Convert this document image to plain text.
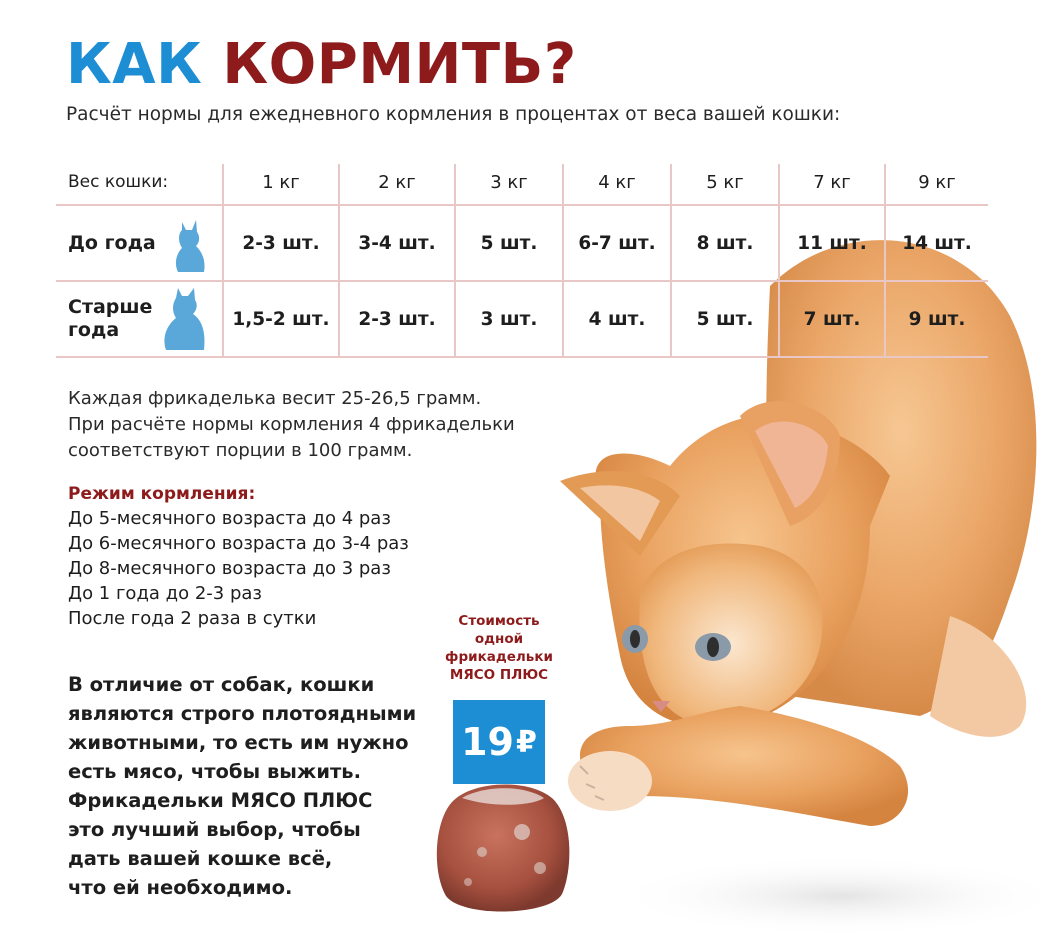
КАК КОРМИТЬ?
Расчёт нормы для ежедневного кормления в процентах от веса вашей кошки:
Вес кошки:	1 кг	2 кг	3 кг	4 кг	5 кг	7 кг	9 кг
До года	2-3 шт.	3-4 шт.	5 шт.	6-7 шт.	8 шт.	11 шт.	14 шт.
Старше
года	1,5-2 шт.	2-3 шт.	3 шт.	4 шт.	5 шт.	7 шт.	9 шт.
Каждая фрикаделька весит 25-26,5 грамм.
При расчёте нормы кормления 4 фрикадельки
соответствуют порции в 100 грамм.
Режим кормления:
До 5-месячного возраста до 4 раз
До 6-месячного возраста до 3-4 раз
До 8-месячного возраста до 3 раз
До 1 года до 2-3 раз
После года 2 раза в сутки
В отличие от собак, кошки
являются строго плотоядными
животными, то есть им нужно
есть мясо, чтобы выжить.
Фрикадельки МЯСО ПЛЮС
это лучший выбор, чтобы
дать вашей кошке всё,
что ей необходимо.
Стоимость
одной
фрикадельки
МЯСО ПЛЮС
19 ₽
